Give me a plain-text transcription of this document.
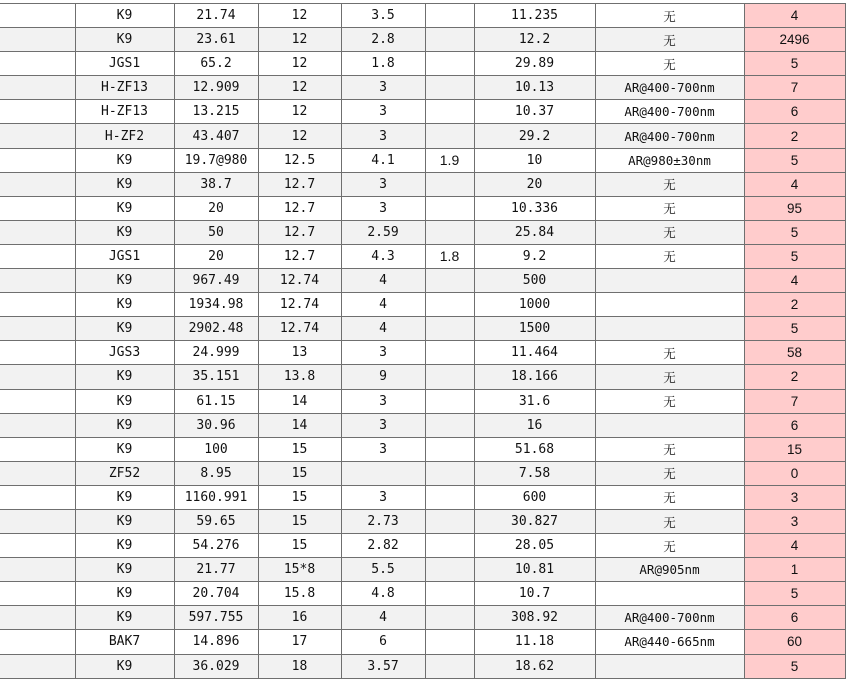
	K9	21.74	12	3.5		11.235	无	4
	K9	23.61	12	2.8		12.2	无	2496
	JGS1	65.2	12	1.8		29.89	无	5
	H-ZF13	12.909	12	3		10.13	AR@400-700nm	7
	H-ZF13	13.215	12	3		10.37	AR@400-700nm	6
	H-ZF2	43.407	12	3		29.2	AR@400-700nm	2
	K9	19.7@980	12.5	4.1	1.9	10	AR@980±30nm	5
	K9	38.7	12.7	3		20	无	4
	K9	20	12.7	3		10.336	无	95
	K9	50	12.7	2.59		25.84	无	5
	JGS1	20	12.7	4.3	1.8	9.2	无	5
	K9	967.49	12.74	4		500		4
	K9	1934.98	12.74	4		1000		2
	K9	2902.48	12.74	4		1500		5
	JGS3	24.999	13	3		11.464	无	58
	K9	35.151	13.8	9		18.166	无	2
	K9	61.15	14	3		31.6	无	7
	K9	30.96	14	3		16		6
	K9	100	15	3		51.68	无	15
	ZF52	8.95	15			7.58	无	0
	K9	1160.991	15	3		600	无	3
	K9	59.65	15	2.73		30.827	无	3
	K9	54.276	15	2.82		28.05	无	4
	K9	21.77	15*8	5.5		10.81	AR@905nm	1
	K9	20.704	15.8	4.8		10.7		5
	K9	597.755	16	4		308.92	AR@400-700nm	6
	BAK7	14.896	17	6		11.18	AR@440-665nm	60
	K9	36.029	18	3.57		18.62		5
